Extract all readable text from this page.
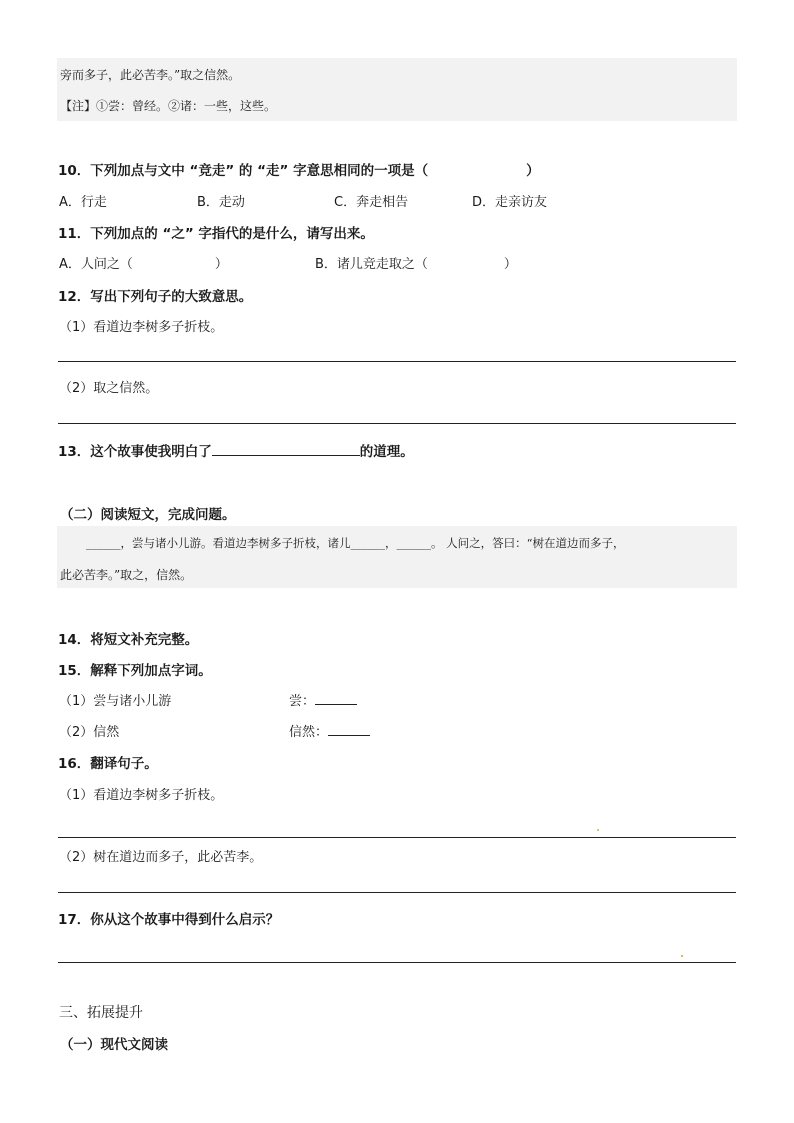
旁而多子，此必苦李。”取之信然。
【注】①尝：曾经。②诸：一些，这些。
10．下列加点与文中 “竞走” 的 “走” 字意思相同的一项是（	）
A．行走	B．走动	C．奔走相告	D．走亲访友
11．下列加点的 “之” 字指代的是什么，请写出来。
A．人问之（	）	B．诸儿竞走取之（	）
12．写出下列句子的大致意思。
（1）看道边李树多子折枝。
（2）取之信然。
13．这个故事使我明白了	的道理。
（二）阅读短文，完成问题。
______，尝与诸小儿游。看道边李树多子折枝，诸儿______，______。 人问之，答曰：“树在道边而多子，
此必苦李。”取之，信然。
14．将短文补充完整。
15．解释下列加点字词。
（1）尝与诸小儿游	尝：
（2）信然	信然：
16．翻译句子。
（1）看道边李树多子折枝。
（2）树在道边而多子，此必苦李。
17．你从这个故事中得到什么启示？
三、拓展提升
（一）现代文阅读
